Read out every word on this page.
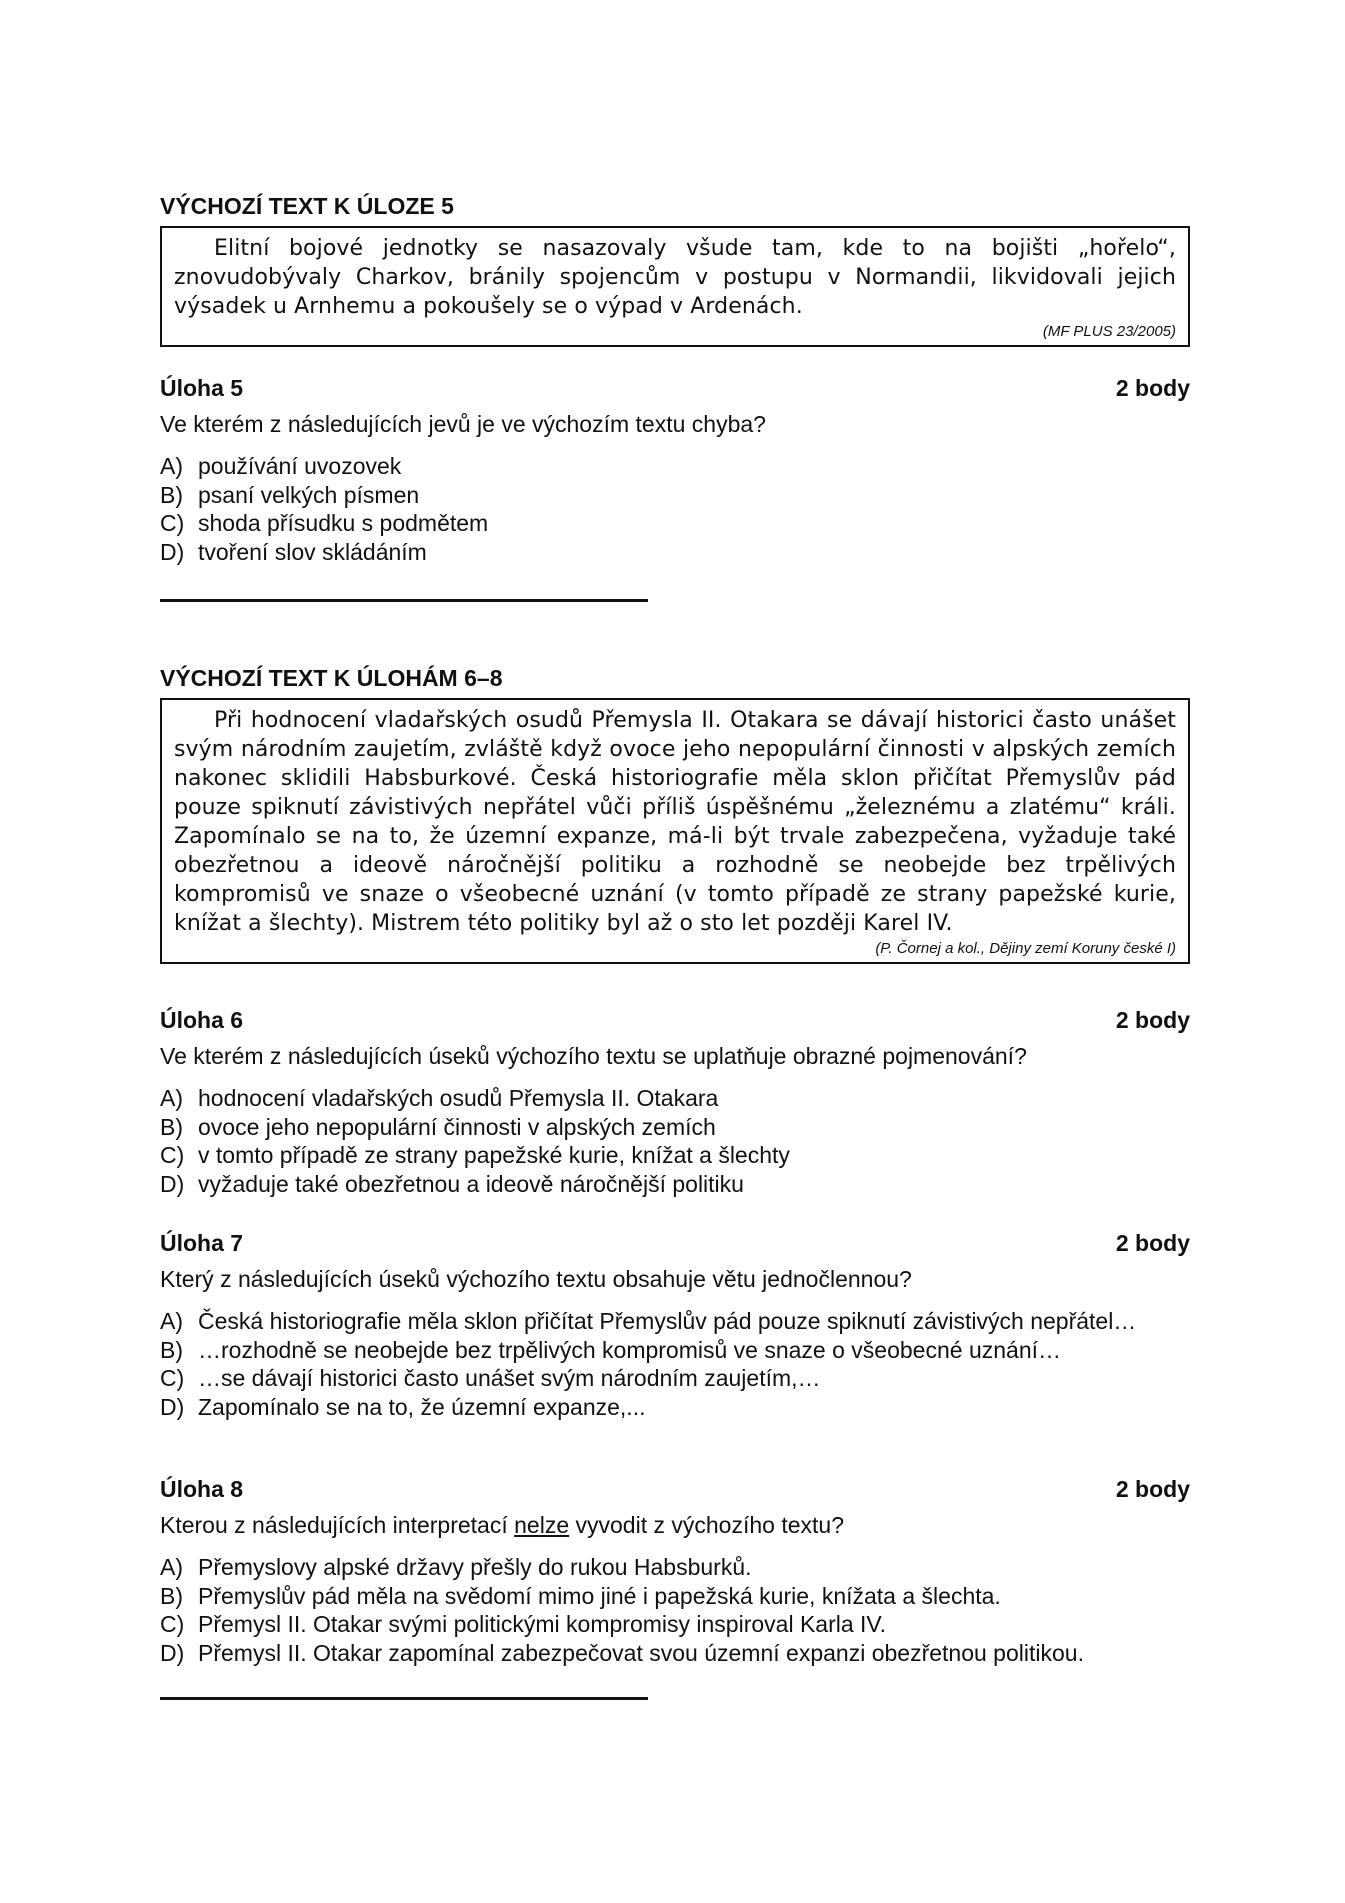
VÝCHOZÍ TEXT K ÚLOZE 5

Elitní bojové jednotky se nasazovaly všude tam, kde to na bojišti „hořelo“, znovudobývaly Charkov, bránily spojencům v postupu v Normandii, likvidovali jejich výsadek u Arnhemu a pokoušely se o výpad v Ardenách.

(MF PLUS 23/2005)
Úloha 5	2 body
Ve kterém z následujících jevů je ve výchozím textu chyba?
A) používání uvozovek
B) psaní velkých písmen
C) shoda přísudku s podmětem
D) tvoření slov skládáním
VÝCHOZÍ TEXT K ÚLOHÁM 6–8

Při hodnocení vladařských osudů Přemysla II. Otakara se dávají historici často unášet svým národním zaujetím, zvláště když ovoce jeho nepopulární činnosti v alpských zemích nakonec sklidili Habsburkové. Česká historiografie měla sklon přičítat Přemyslův pád pouze spiknutí závistivých nepřátel vůči příliš úspěšnému „železnému a zlatému“ králi. Zapomínalo se na to, že územní expanze, má-li být trvale zabezpečena, vyžaduje také obezřetnou a ideově náročnější politiku a rozhodně se neobejde bez trpělivých kompromisů ve snaze o všeobecné uznání (v tomto případě ze strany papežské kurie, knížat a šlechty). Mistrem této politiky byl až o sto let později Karel IV.

(P. Čornej a kol., Dějiny zemí Koruny české I)
Úloha 6	2 body
Ve kterém z následujících úseků výchozího textu se uplatňuje obrazné pojmenování?
A) hodnocení vladařských osudů Přemysla II. Otakara
B) ovoce jeho nepopulární činnosti v alpských zemích
C) v tomto případě ze strany papežské kurie, knížat a šlechty
D) vyžaduje také obezřetnou a ideově náročnější politiku
Úloha 7	2 body
Který z následujících úseků výchozího textu obsahuje větu jednočlennou?
A) Česká historiografie měla sklon přičítat Přemyslův pád pouze spiknutí závistivých nepřátel…
B) …rozhodně se neobejde bez trpělivých kompromisů ve snaze o všeobecné uznání…
C) …se dávají historici často unášet svým národním zaujetím,…
D) Zapomínalo se na to, že územní expanze,...
Úloha 8	2 body
Kterou z následujících interpretací nelze vyvodit z výchozího textu?
A) Přemyslovy alpské državy přešly do rukou Habsburků.
B) Přemyslův pád měla na svědomí mimo jiné i papežská kurie, knížata a šlechta.
C) Přemysl II. Otakar svými politickými kompromisy inspiroval Karla IV.
D) Přemysl II. Otakar zapomínal zabezpečovat svou územní expanzi obezřetnou politikou.
